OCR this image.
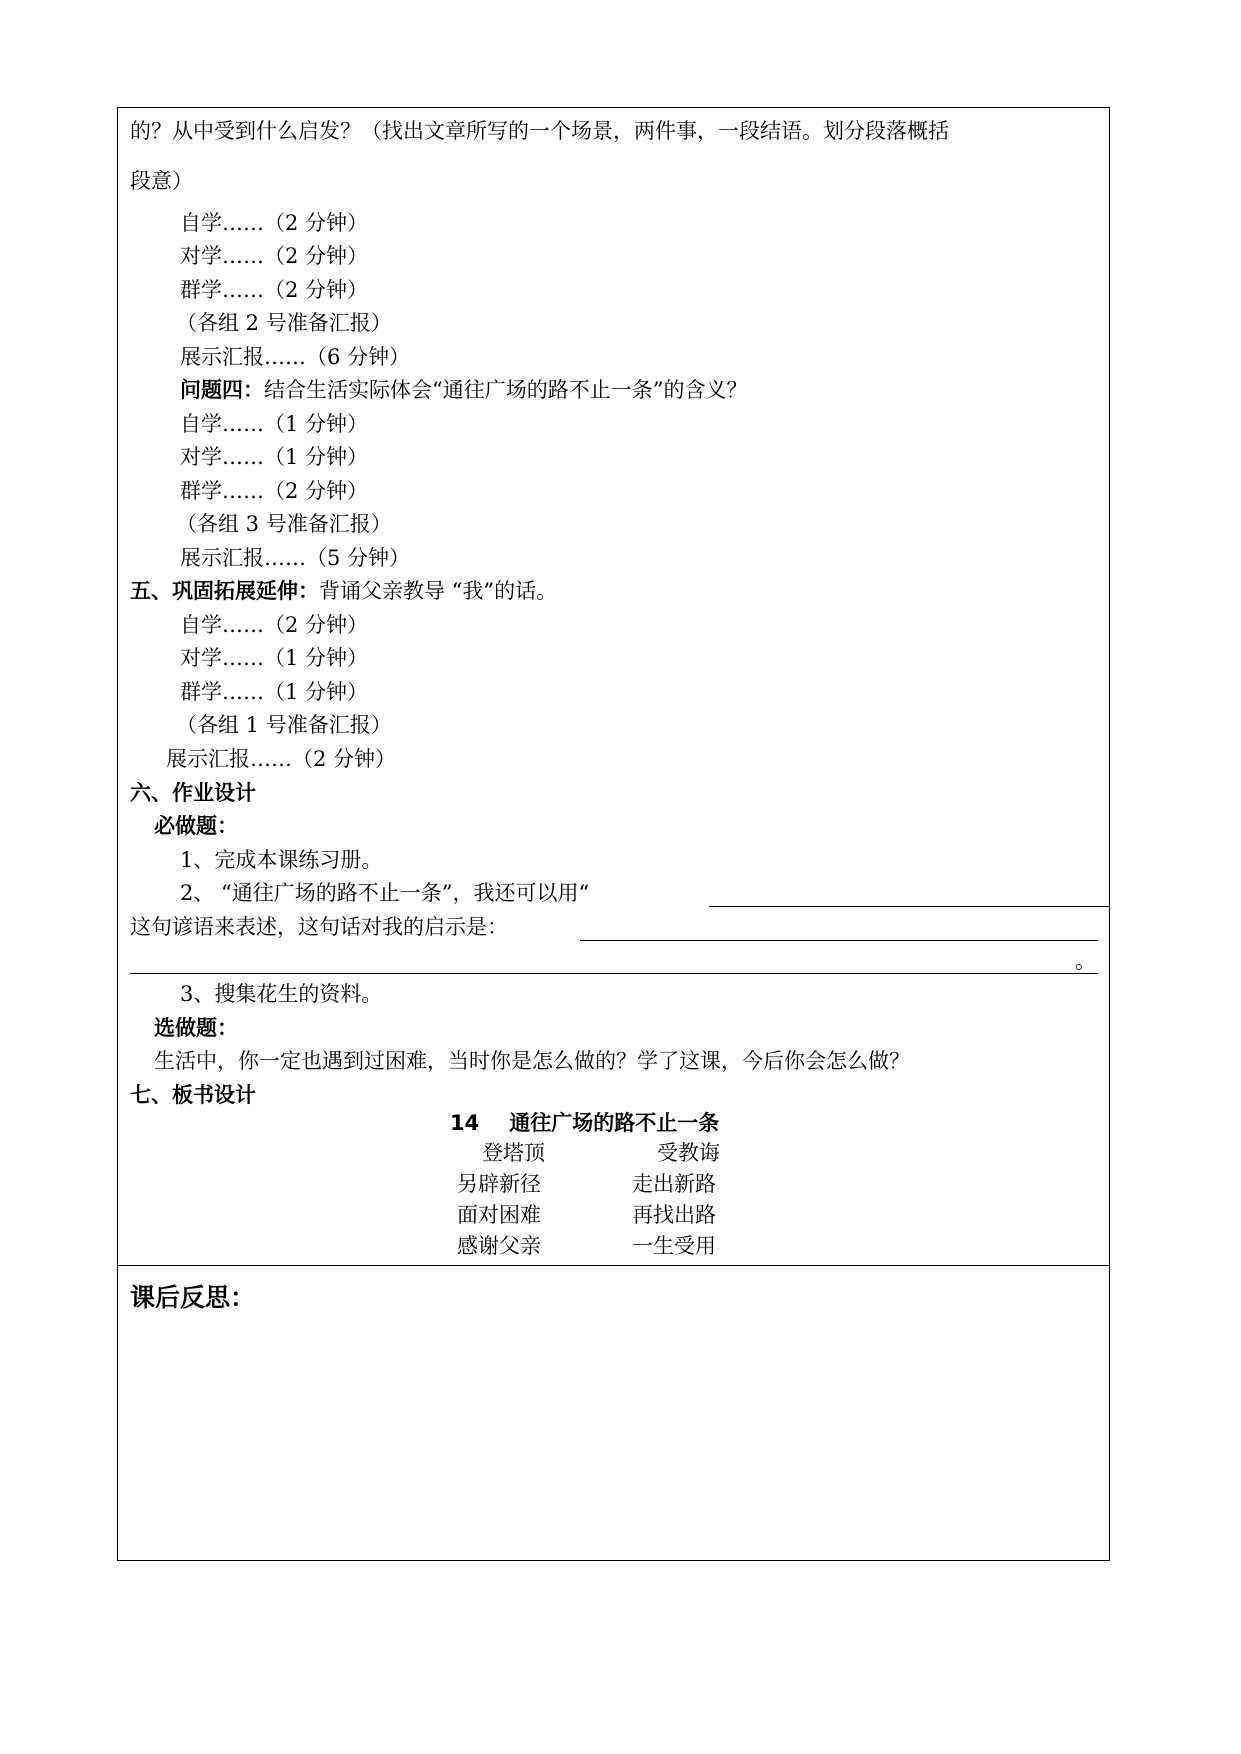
的？从中受到什么启发？（找出文章所写的一个场景，两件事，一段结语。划分段落概括
段意）
自学……（2 分钟）
对学……（2 分钟）
群学……（2 分钟）
（各组 2 号准备汇报）
展示汇报……（6 分钟）
问题四：结合生活实际体会“通往广场的路不止一条”的含义？
自学……（1 分钟）
对学……（1 分钟）
群学……（2 分钟）
（各组 3 号准备汇报）
展示汇报……（5 分钟）
五、巩固拓展延伸：背诵父亲教导 “我”的话。
自学……（2 分钟）
对学……（1 分钟）
群学……（1 分钟）
（各组 1 号准备汇报）
展示汇报……（2 分钟）
六、作业设计
必做题：
1、完成本课练习册。
2、 “通往广场的路不止一条”，我还可以用“
这句谚语来表述，这句话对我的启示是：
。
3、搜集花生的资料。
选做题：
生活中，你一定也遇到过困难，当时你是怎么做的？学了这课，今后你会怎么做？
七、板书设计
14 通往广场的路不止一条
登塔顶	受教诲
另辟新径	走出新路
面对困难	再找出路
感谢父亲	一生受用
课后反思：
